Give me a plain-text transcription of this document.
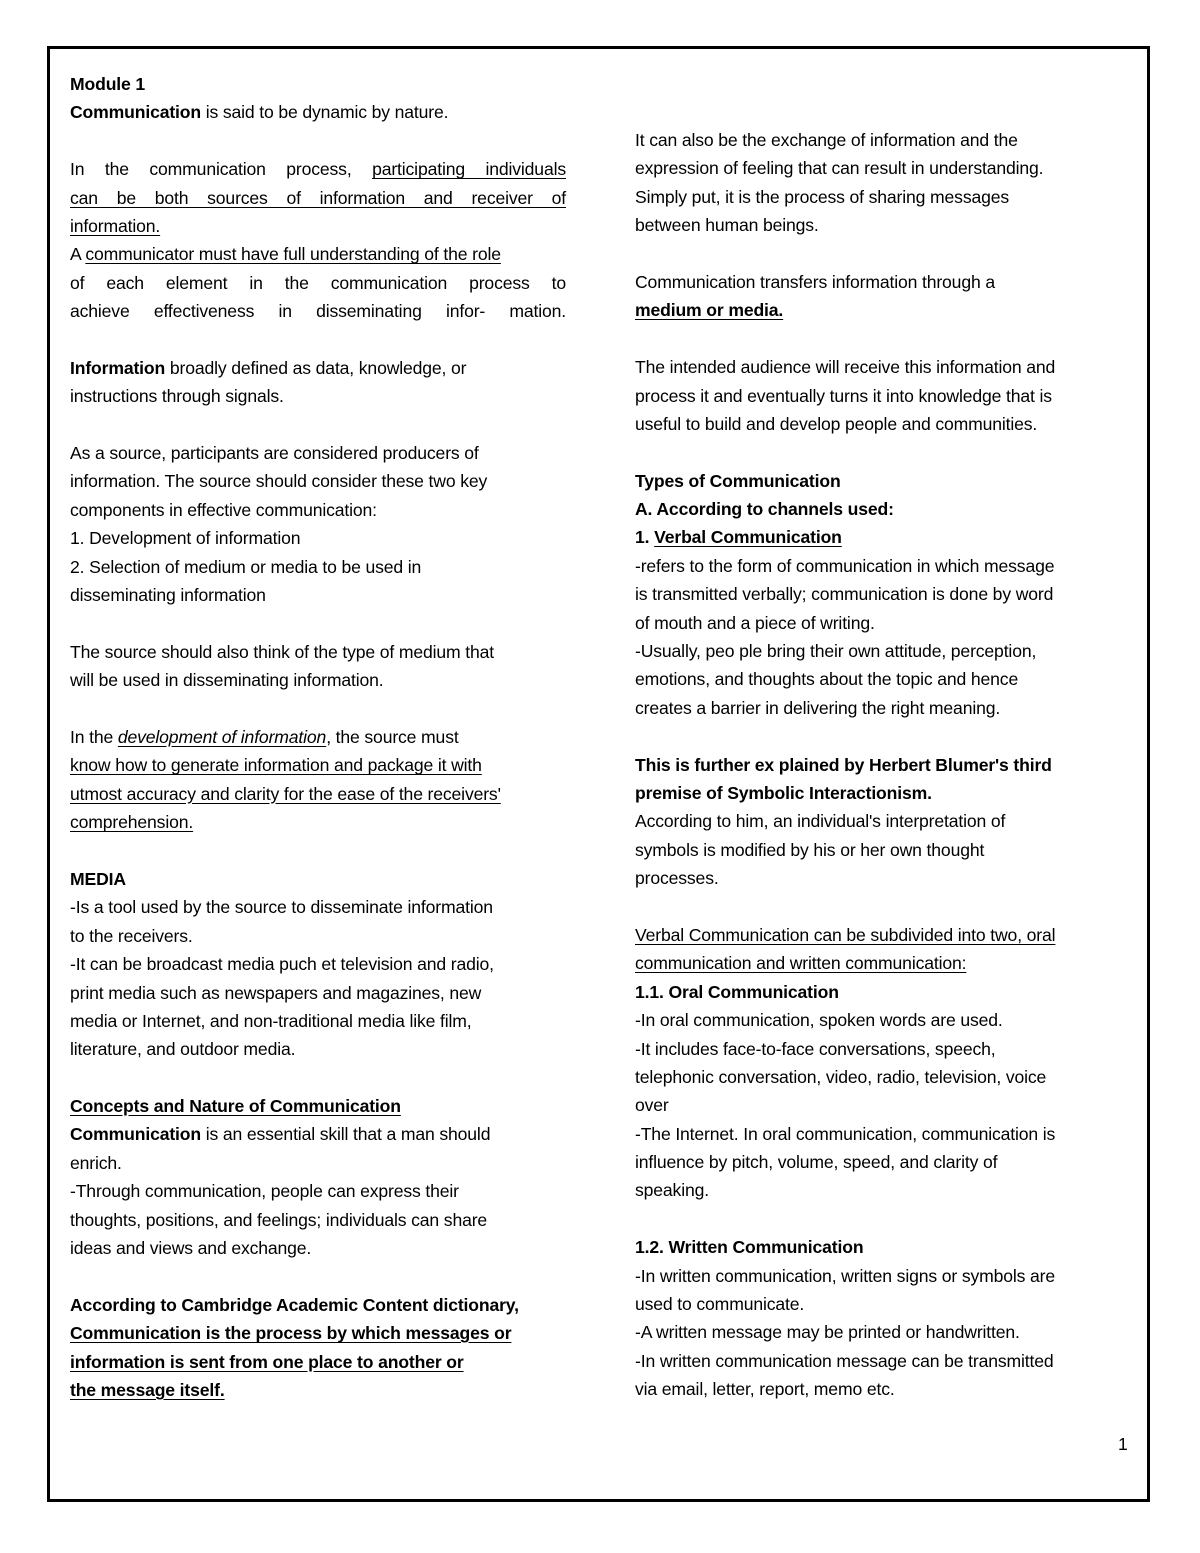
Module 1
Communication is said to be dynamic by nature.
In the communication process, participating individuals
can be both sources of information and receiver of
information.
A communicator must have full understanding of the role
of each element in the communication process to
achieve effectiveness in disseminating infor- mation.
Information broadly defined as data, knowledge, or
instructions through signals.
As a source, participants are considered producers of
information. The source should consider these two key
components in effective communication:
1. Development of information
2. Selection of medium or media to be used in
disseminating information
The source should also think of the type of medium that
will be used in disseminating information.
In the development of information, the source must
know how to generate information and package it with
utmost accuracy and clarity for the ease of the receivers'
comprehension.
MEDIA
-Is a tool used by the source to disseminate information
to the receivers.
-It can be broadcast media puch et television and radio,
print media such as newspapers and magazines, new
media or Internet, and non-traditional media like film,
literature, and outdoor media.
Concepts and Nature of Communication
Communication is an essential skill that a man should
enrich.
-Through communication, people can express their
thoughts, positions, and feelings; individuals can share
ideas and views and exchange.
According to Cambridge Academic Content dictionary,
Communication is the process by which messages or
information is sent from one place to another or
the message itself.
It can also be the exchange of information and the
expression of feeling that can result in understanding.
Simply put, it is the process of sharing messages
between human beings.
Communication transfers information through a
medium or media.
The intended audience will receive this information and
process it and eventually turns it into knowledge that is
useful to build and develop people and communities.
Types of Communication
A. According to channels used:
1. Verbal Communication
-refers to the form of communication in which message
is transmitted verbally; communication is done by word
of mouth and a piece of writing.
-Usually, peo ple bring their own attitude, perception,
emotions, and thoughts about the topic and hence
creates a barrier in delivering the right meaning.
This is further ex plained by Herbert Blumer's third
premise of Symbolic Interactionism.
According to him, an individual's interpretation of
symbols is modified by his or her own thought
processes.
Verbal Communication can be subdivided into two, oral
communication and written communication:
1.1. Oral Communication
-In oral communication, spoken words are used.
-It includes face-to-face conversations, speech,
telephonic conversation, video, radio, television, voice
over
-The Internet. In oral communication, communication is
influence by pitch, volume, speed, and clarity of
speaking.
1.2. Written Communication
-In written communication, written signs or symbols are
used to communicate.
-A written message may be printed or handwritten.
-In written communication message can be transmitted
via email, letter, report, memo etc.
1
